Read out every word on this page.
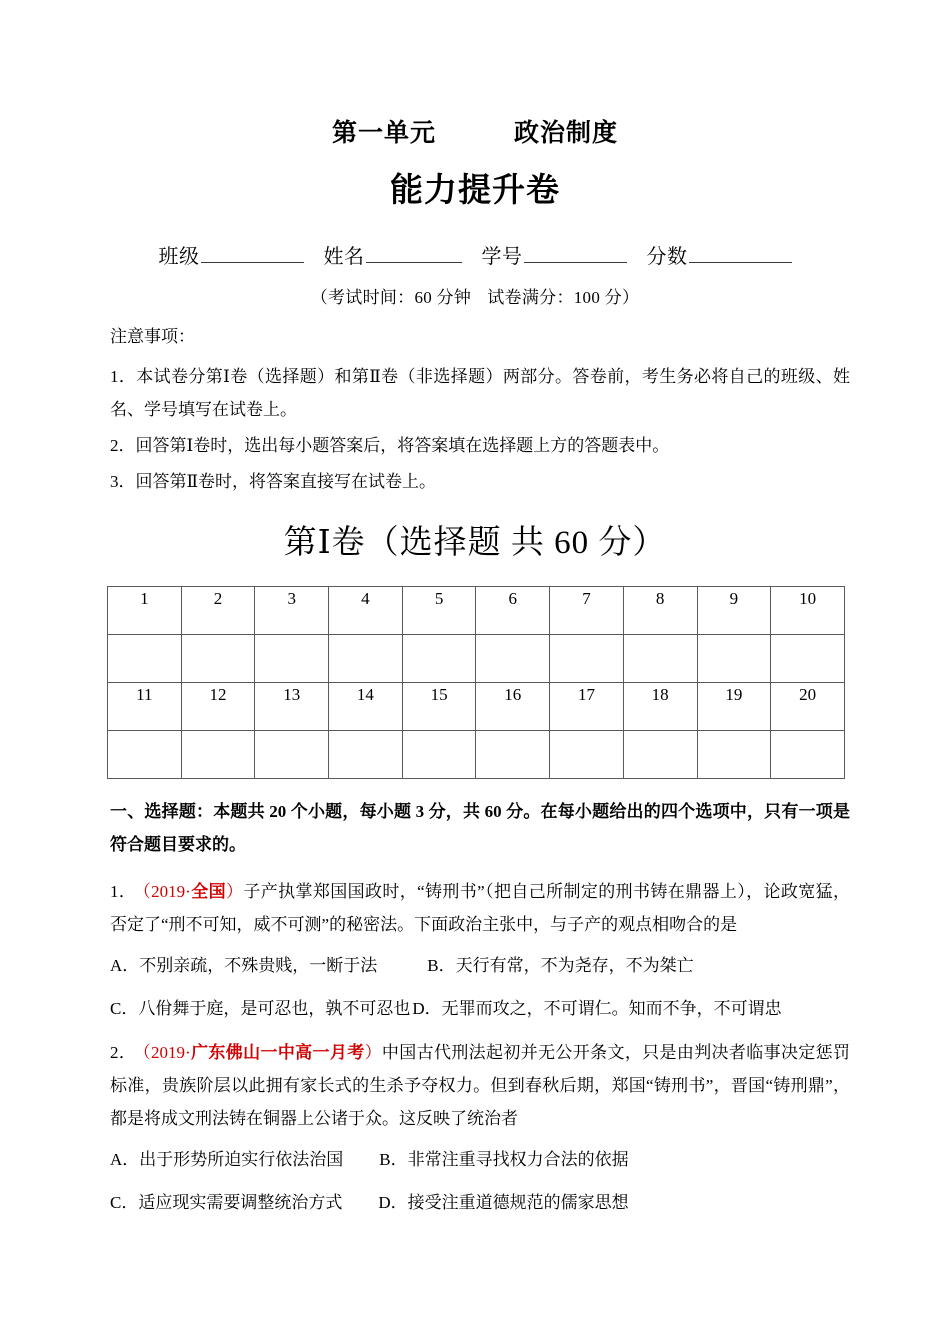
第一单元	政治制度
能力提升卷
班级	姓名	学号	分数
（考试时间：60 分钟 试卷满分：100 分）
注意事项：
1．本试卷分第Ⅰ卷（选择题）和第Ⅱ卷（非选择题）两部分。答卷前，考生务必将自己的班级、姓名、学号填写在试卷上。
2．回答第Ⅰ卷时，选出每小题答案后，将答案填在选择题上方的答题表中。
3．回答第Ⅱ卷时，将答案直接写在试卷上。
第Ⅰ卷（选择题 共 60 分）
1	2	3	4	5	6	7	8	9	10

11	12	13	14	15	16	17	18	19	20

一、选择题：本题共 20 个小题，每小题 3 分，共 60 分。在每小题给出的四个选项中，只有一项是符合题目要求的。
1． （2019·全国）子产执掌郑国国政时，“铸刑书”（把自己所制定的刑书铸在鼎器上），论政宽猛，否定了“刑不可知，威不可测”的秘密法。下面政治主张中，与子产的观点相吻合的是
A．不别亲疏，不殊贵贱，一断于法	B．天行有常，不为尧存，不为桀亡
C．八佾舞于庭，是可忍也，孰不可忍也 D．无罪而攻之，不可谓仁。知而不争，不可谓忠
2． （2019·广东佛山一中高一月考）中国古代刑法起初并无公开条文，只是由判决者临事决定惩罚标准，贵族阶层以此拥有家长式的生杀予夺权力。但到春秋后期，郑国“铸刑书”，晋国“铸刑鼎”，都是将成文刑法铸在铜器上公诸于众。这反映了统治者
A．出于形势所迫实行依法治国 B．非常注重寻找权力合法的依据
C．适应现实需要调整统治方式 D．接受注重道德规范的儒家思想
